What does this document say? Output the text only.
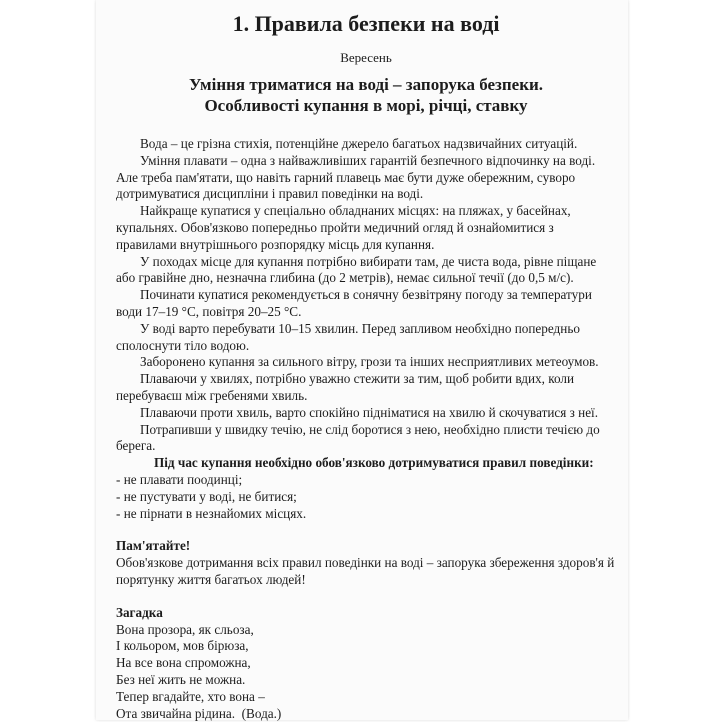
1. Правила безпеки на воді
Вересень
Уміння триматися на воді – запорука безпеки.
Особливості купання в морі, річці, ставку

Вода – це грізна стихія, потенційне джерело багатьох надзвичайних ситуацій.

Уміння плавати – одна з найважливіших гарантій безпечного відпочинку на воді. Але треба пам'ятати, що навіть гарний плавець має бути дуже обережним, суворо дотримуватися дисципліни і правил поведінки на воді.

Найкраще купатися у спеціально обладнаних місцях: на пляжах, у басейнах, купальнях. Обов'язково попередньо пройти медичний огляд й ознайомитися з правилами внутрішнього розпорядку місць для купання.

У походах місце для купання потрібно вибирати там, де чиста вода, рівне піщане або гравійне дно, незначна глибина (до 2 метрів), немає сильної течії (до 0,5 м/с).

Починати купатися рекомендується в сонячну безвітряну погоду за температури води 17–19 °С, повітря 20–25 °С.

У воді варто перебувати 10–15 хвилин. Перед запливом необхідно попередньо сполоснути тіло водою.

Заборонено купання за сильного вітру, грози та інших несприятливих метеоумов.

Плаваючи у хвилях, потрібно уважно стежити за тим, щоб робити вдих, коли перебуваєш між гребенями хвиль.

Плаваючи проти хвиль, варто спокійно підніматися на хвилю й скочуватися з неї.

Потрапивши у швидку течію, не слід боротися з нею, необхідно плисти течією до берега.

Під час купання необхідно обов'язково дотримуватися правил поведінки:

- не плавати поодинці;

- не пустувати у воді, не битися;

- не пірнати в незнайомих місцях.

Пам'ятайте!

Обов'язкове дотримання всіх правил поведінки на воді – запорука збереження здоров'я й порятунку життя багатьох людей!

Загадка

Вона прозора, як сльоза,

І кольором, мов бірюза,

На все вона спроможна,

Без неї жить не можна.

Тепер вгадайте, хто вона –

Ота звичайна рідина.  (Вода.)
